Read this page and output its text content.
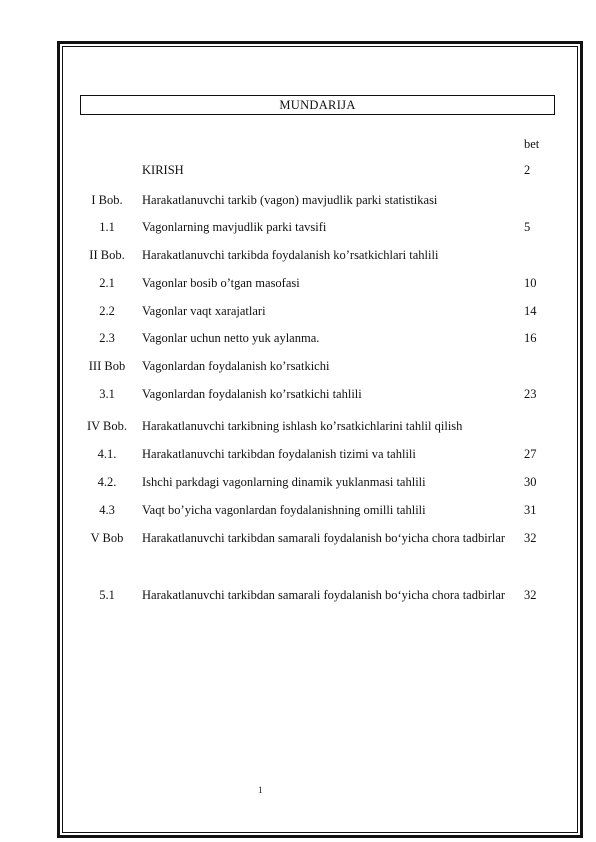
MUNDARIJA
bet
KIRISH	2
I Bob.	Harakatlanuvchi tarkib (vagon) mavjudlik parki statistikasi
1.1	Vagonlarning mavjudlik parki tavsifi	5
II Bob.	Harakatlanuvchi tarkibda foydalanish ko’rsatkichlari tahlili
2.1	Vagonlar bosib o’tgan masofasi	10
2.2	Vagonlar vaqt xarajatlari	14
2.3	Vagonlar uchun netto yuk aylanma.	16
III Bob	Vagonlardan foydalanish ko’rsatkichi
3.1	Vagonlardan foydalanish ko’rsatkichi tahlili	23
IV Bob.	Harakatlanuvchi tarkibning ishlash ko’rsatkichlarini tahlil qilish
4.1.	Harakatlanuvchi tarkibdan foydalanish tizimi va tahlili	27
4.2.	Ishchi parkdagi vagonlarning dinamik yuklanmasi tahlili	30
4.3	Vaqt bo’yicha vagonlardan foydalanishning omilli tahlili	31
V Bob	Harakatlanuvchi tarkibdan samarali foydalanish bo‘yicha chora tadbirlar	32
5.1	Harakatlanuvchi tarkibdan samarali foydalanish bo‘yicha chora tadbirlar	32
1
